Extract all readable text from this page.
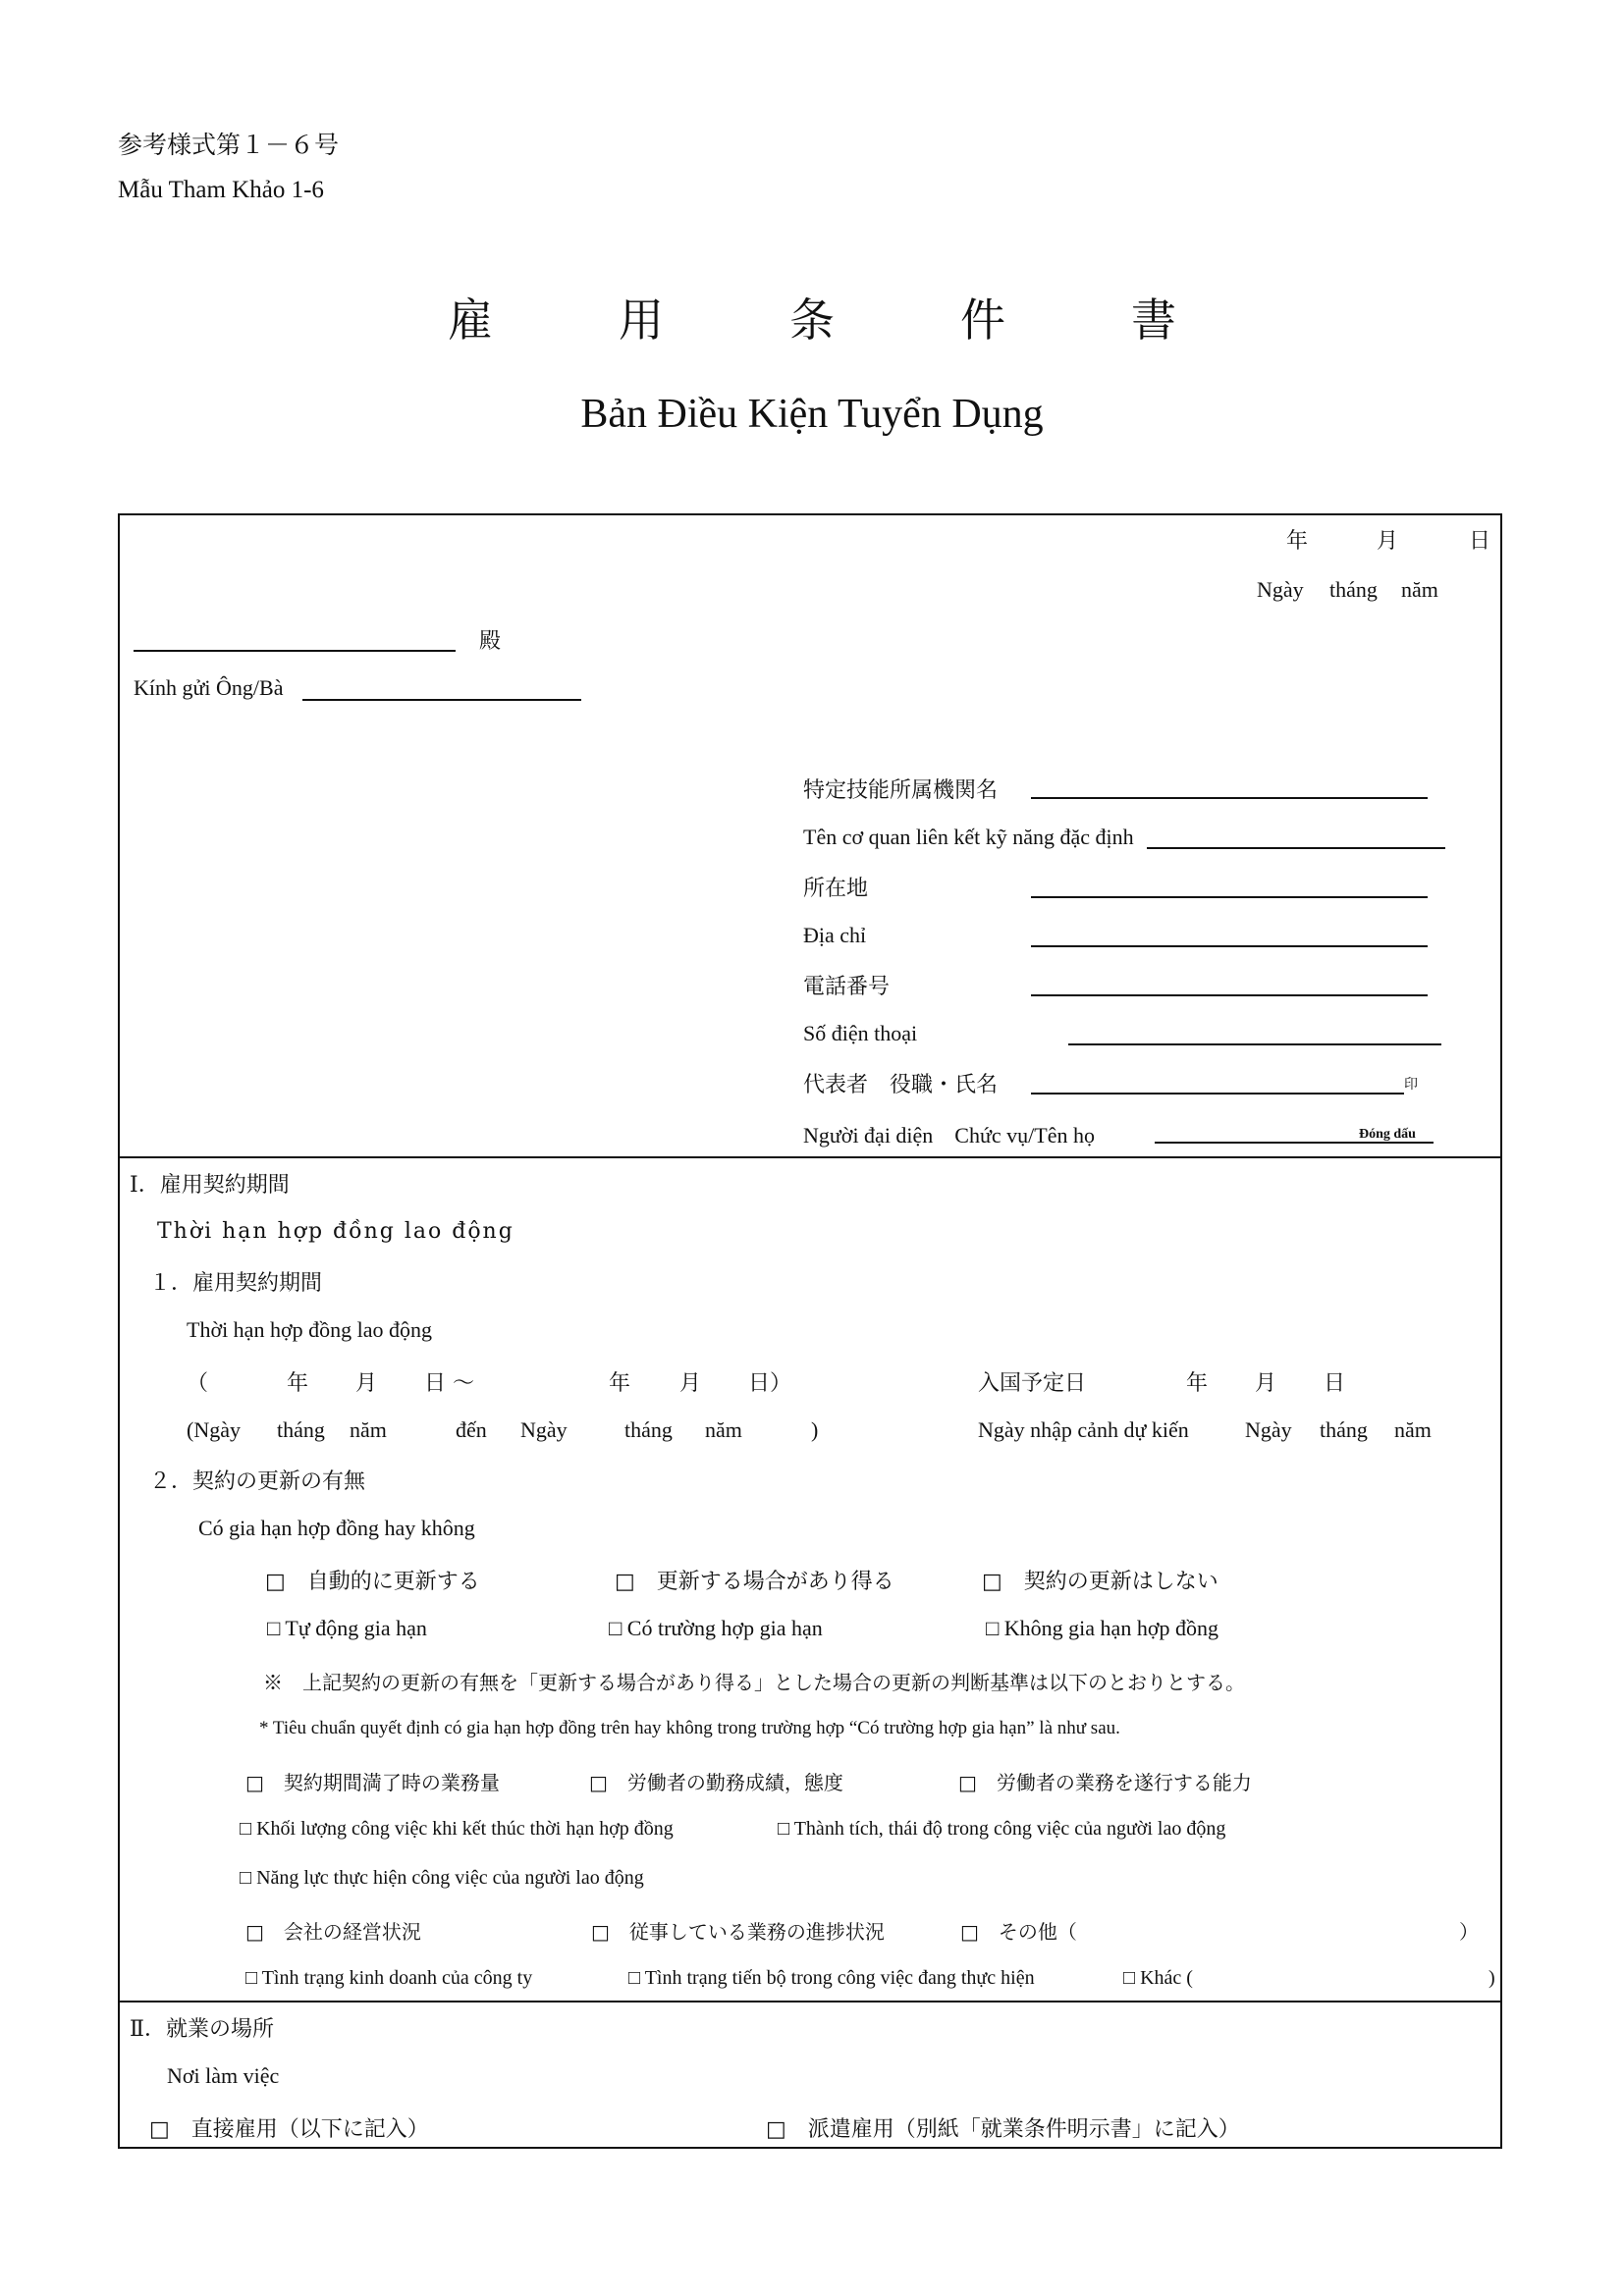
参考様式第１－６号
Mẫu Tham Khảo 1-6
雇用条件書
Bản Điều Kiện Tuyển Dụng
年	月	日
Ngày tháng năm
殿
Kính gửi Ông/Bà
特定技能所属機関名
Tên cơ quan liên kết kỹ năng đặc định
所在地
Địa chỉ
電話番号
Số điện thoại
代表者　役職・氏名	印
Người đại diện　Chức vụ/Tên họ	Đóng dấu
Ⅰ．雇用契約期間
Thời hạn hợp đồng lao động
１．雇用契約期間
Thời hạn hợp đồng lao động
（	年 月 日 ～	年 月 日）	入国予定日	年 月 日
(Ngày tháng năm	đến Ngày	tháng năm	)	Ngày nhập cảnh dự kiến	Ngày tháng năm
２．契約の更新の有無
Có gia hạn hợp đồng hay không
□　自動的に更新する	□　更新する場合があり得る	□　契約の更新はしない
□ Tự động gia hạn	□ Có trường hợp gia hạn	□ Không gia hạn hợp đồng
※　上記契約の更新の有無を「更新する場合があり得る」とした場合の更新の判断基準は以下のとおりとする。
* Tiêu chuẩn quyết định có gia hạn hợp đồng trên hay không trong trường hợp “Có trường hợp gia hạn” là như sau.
□　契約期間満了時の業務量	□　労働者の勤務成績，態度	□　労働者の業務を遂行する能力
□ Khối lượng công việc khi kết thúc thời hạn hợp đồng	□ Thành tích, thái độ trong công việc của người lao động
□ Năng lực thực hiện công việc của người lao động
□　会社の経営状況	□　従事している業務の進捗状況	□　その他（	）
□ Tình trạng kinh doanh của công ty	□ Tình trạng tiến bộ trong công việc đang thực hiện	□ Khác (	)
Ⅱ．就業の場所
Nơi làm việc
□　直接雇用（以下に記入）	□　派遣雇用（別紙「就業条件明示書」に記入）
